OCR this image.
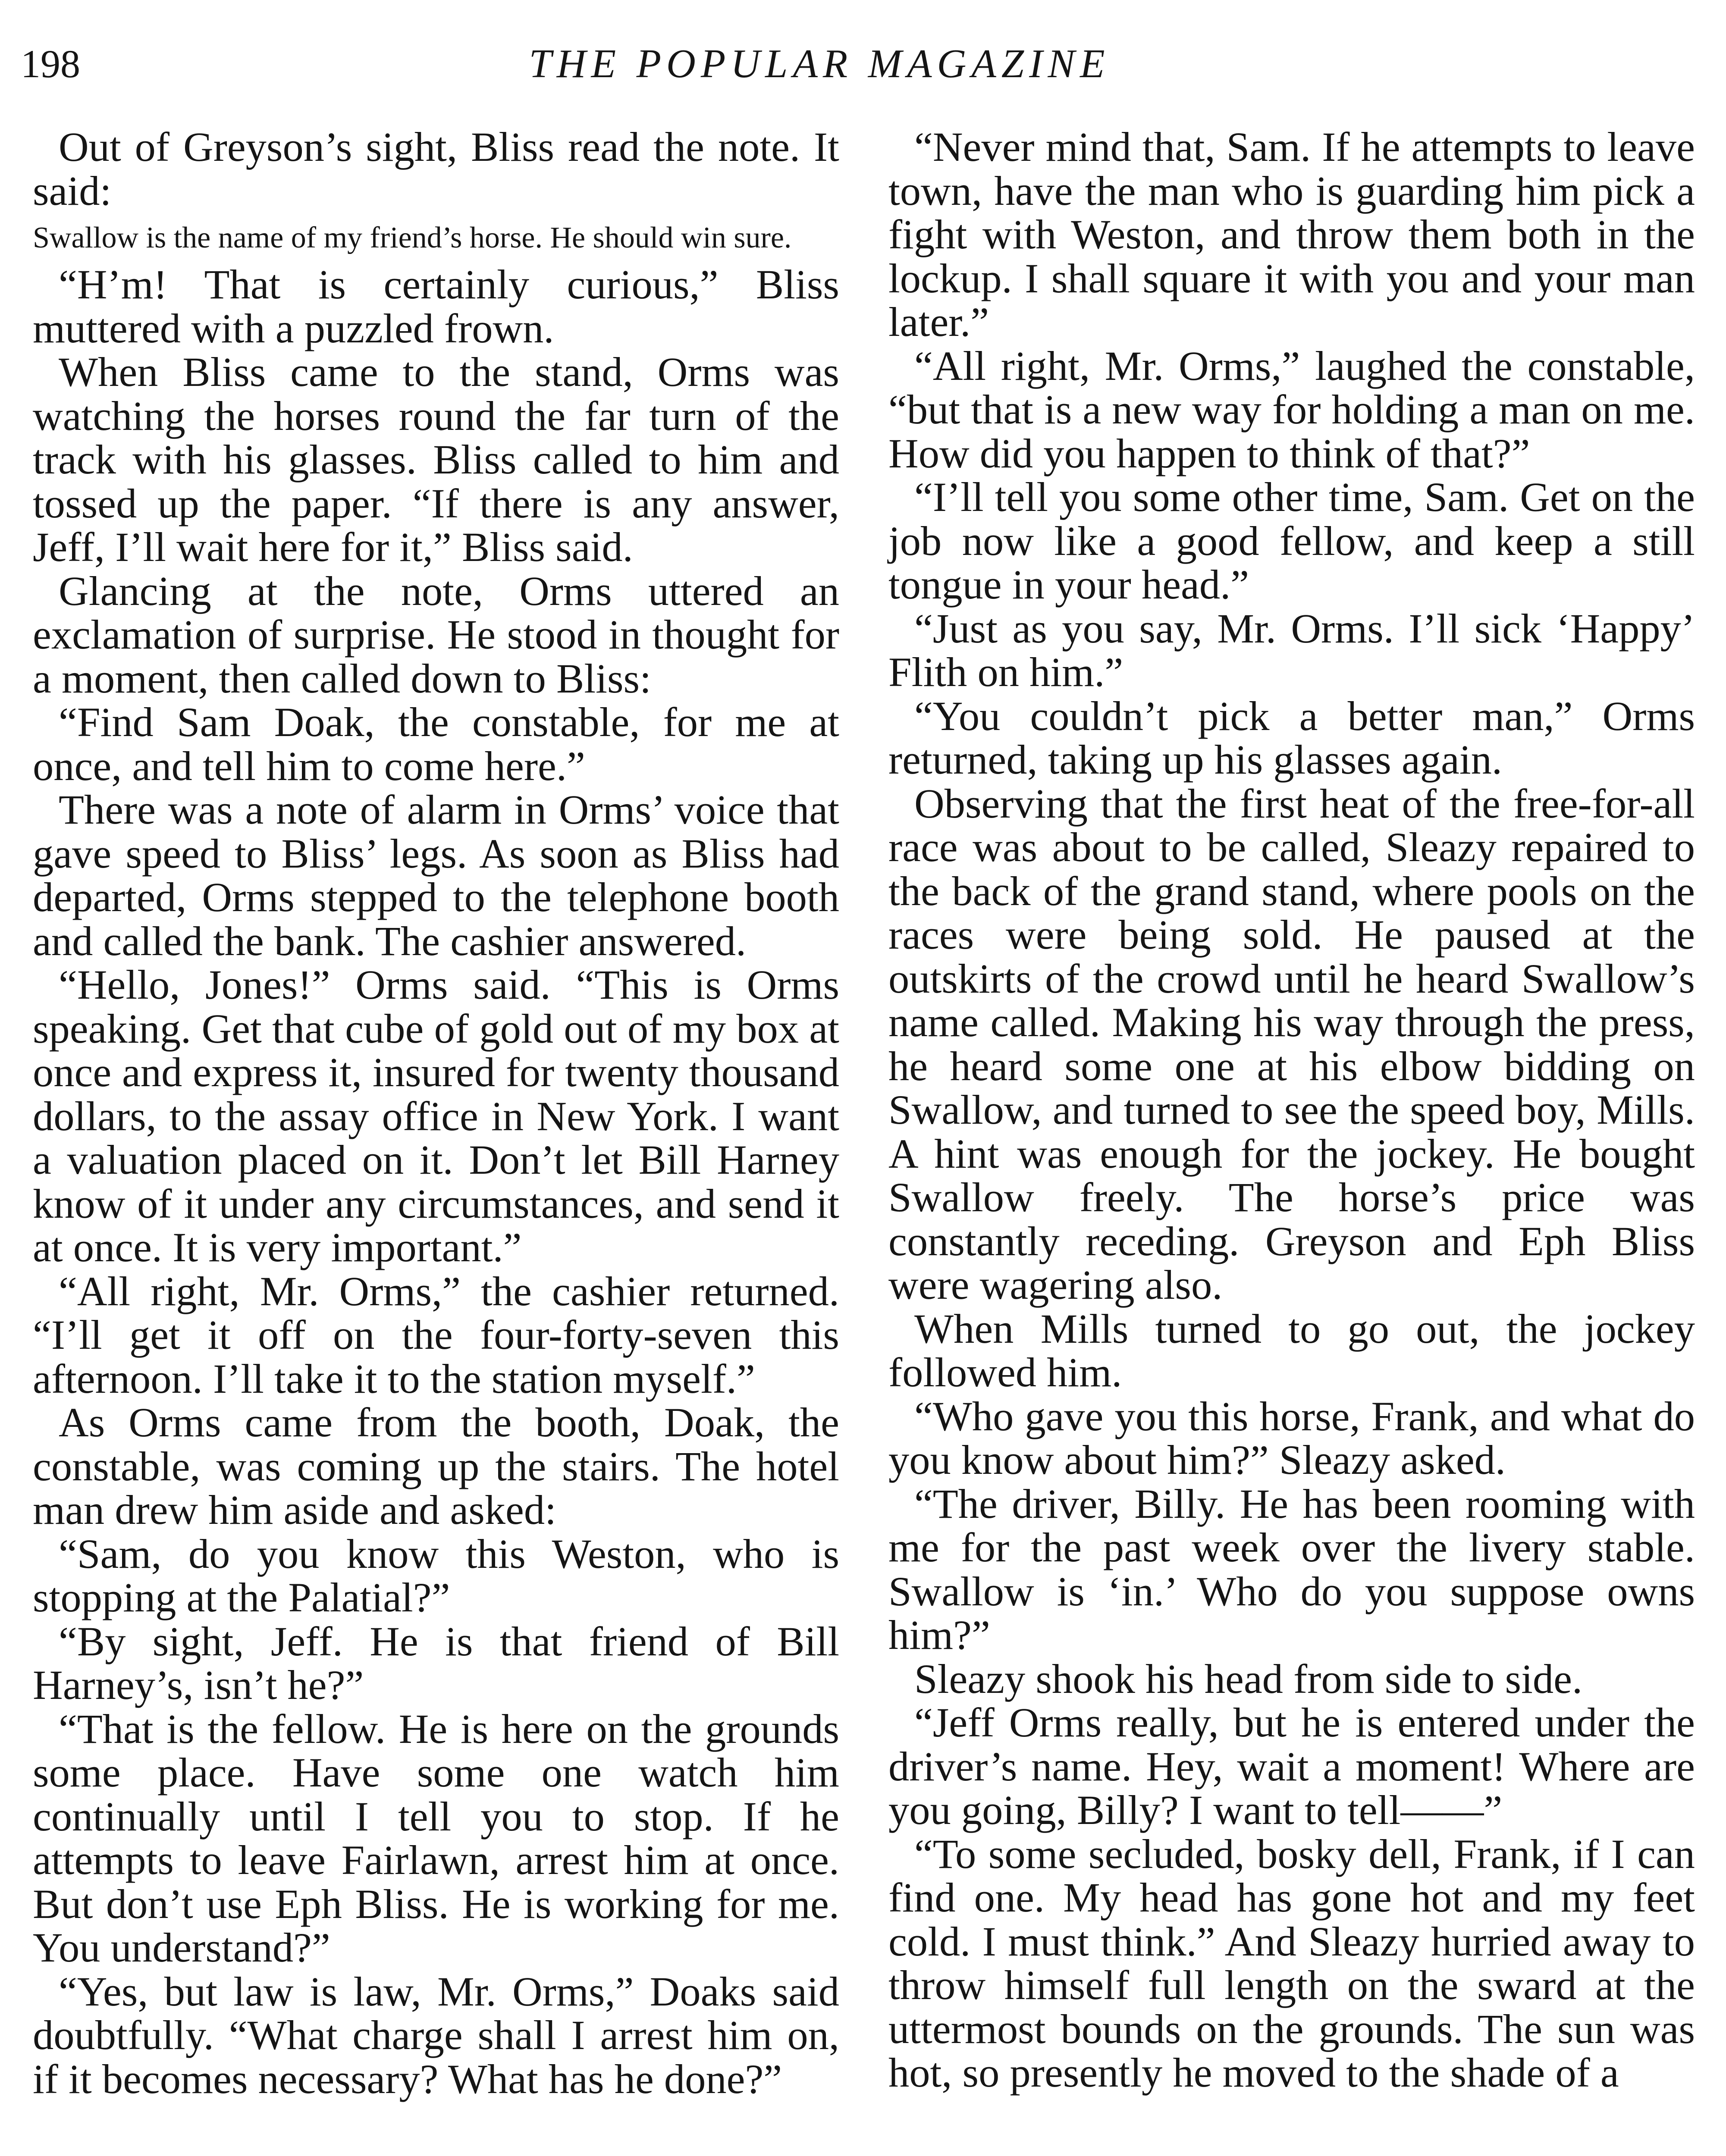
198	THE POPULAR MAGAZINE

Out of Greyson’s sight, Bliss read the note. It said:

Swallow is the name of my friend’s horse. He should win sure.

“H’m! That is certainly curious,” Bliss muttered with a puzzled frown.

When Bliss came to the stand, Orms was watching the horses round the far turn of the track with his glasses. Bliss called to him and tossed up the paper. “If there is any answer, Jeff, I’ll wait here for it,” Bliss said.

Glancing at the note, Orms uttered an exclamation of surprise. He stood in thought for a moment, then called down to Bliss:

“Find Sam Doak, the constable, for me at once, and tell him to come here.”

There was a note of alarm in Orms’ voice that gave speed to Bliss’ legs. As soon as Bliss had departed, Orms stepped to the telephone booth and called the bank. The cashier answered.

“Hello, Jones!” Orms said. “This is Orms speaking. Get that cube of gold out of my box at once and express it, insured for twenty thousand dollars, to the assay office in New York. I want a valuation placed on it. Don’t let Bill Harney know of it under any circumstances, and send it at once. It is very important.”

“All right, Mr. Orms,” the cashier returned. “I’ll get it off on the four-forty-seven this afternoon. I’ll take it to the station myself.”

As Orms came from the booth, Doak, the constable, was coming up the stairs. The hotel man drew him aside and asked:

“Sam, do you know this Weston, who is stopping at the Palatial?”

“By sight, Jeff. He is that friend of Bill Harney’s, isn’t he?”

“That is the fellow. He is here on the grounds some place. Have some one watch him continually until I tell you to stop. If he attempts to leave Fairlawn, arrest him at once. But don’t use Eph Bliss. He is working for me. You understand?”

“Yes, but law is law, Mr. Orms,” Doaks said doubtfully. “What charge shall I arrest him on, if it becomes necessary? What has he done?”

“Never mind that, Sam. If he attempts to leave town, have the man who is guarding him pick a fight with Weston, and throw them both in the lockup. I shall square it with you and your man later.”

“All right, Mr. Orms,” laughed the constable, “but that is a new way for holding a man on me. How did you happen to think of that?”

“I’ll tell you some other time, Sam. Get on the job now like a good fellow, and keep a still tongue in your head.”

“Just as you say, Mr. Orms. I’ll sick ‘Happy’ Flith on him.”

“You couldn’t pick a better man,” Orms returned, taking up his glasses again.

Observing that the first heat of the free-for-all race was about to be called, Sleazy repaired to the back of the grand stand, where pools on the races were being sold. He paused at the outskirts of the crowd until he heard Swallow’s name called. Making his way through the press, he heard some one at his elbow bidding on Swallow, and turned to see the speed boy, Mills. A hint was enough for the jockey. He bought Swallow freely. The horse’s price was constantly receding. Greyson and Eph Bliss were wagering also.

When Mills turned to go out, the jockey followed him.

“Who gave you this horse, Frank, and what do you know about him?” Sleazy asked.

“The driver, Billy. He has been rooming with me for the past week over the livery stable. Swallow is ‘in.’ Who do you suppose owns him?”

Sleazy shook his head from side to side.

“Jeff Orms really, but he is entered under the driver’s name. Hey, wait a moment! Where are you going, Billy? I want to tell——”

“To some secluded, bosky dell, Frank, if I can find one. My head has gone hot and my feet cold. I must think.” And Sleazy hurried away to throw himself full length on the sward at the uttermost bounds on the grounds. The sun was hot, so presently he moved to the shade of a
